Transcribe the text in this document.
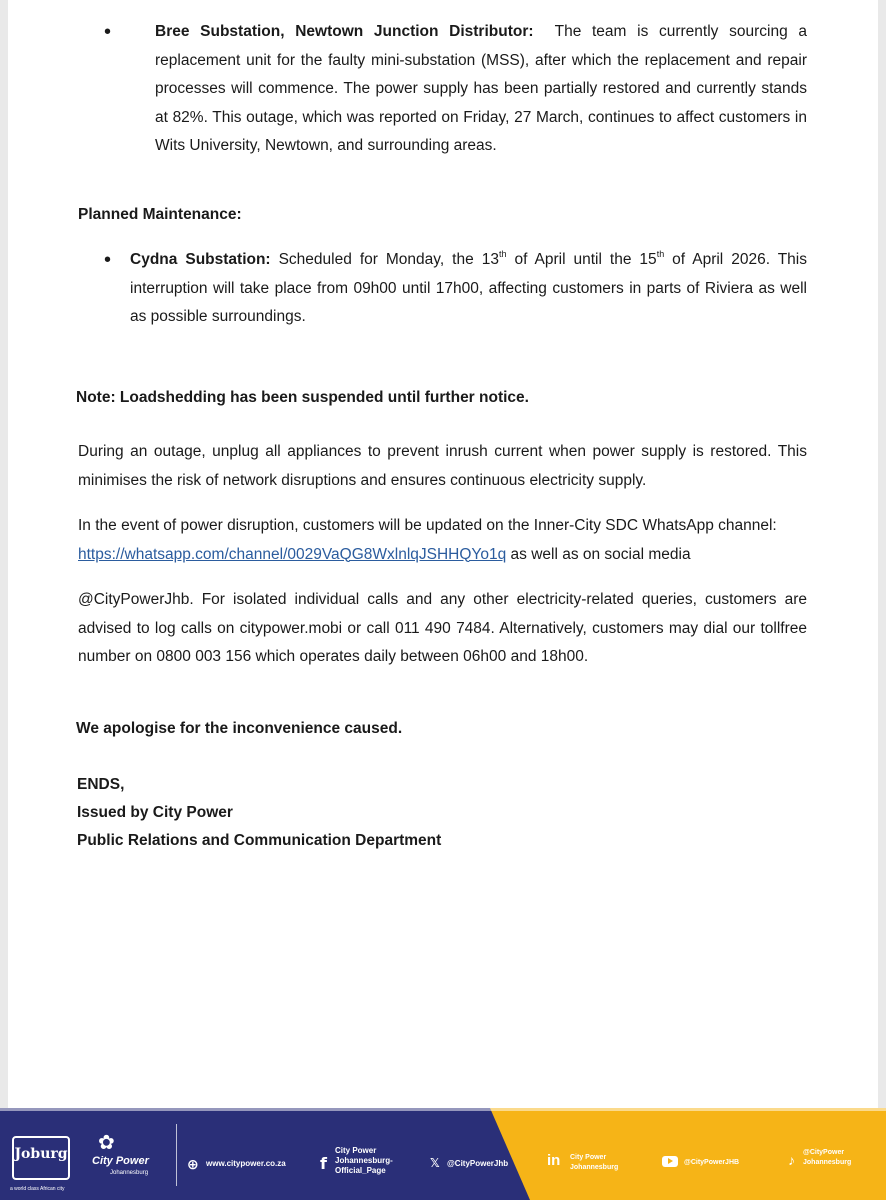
•	Bree Substation, Newtown Junction Distributor: The team is currently sourcing a replacement unit for the faulty mini-substation (MSS), after which the replacement and repair processes will commence. The power supply has been partially restored and currently stands at 82%. This outage, which was reported on Friday, 27 March, continues to affect customers in Wits University, Newtown, and surrounding areas.

Planned Maintenance:
• Cydna Substation: Scheduled for Monday, the 13th of April until the 15th of April 2026. This interruption will take place from 09h00 until 17h00, affecting customers in parts of Riviera as well as possible surroundings.

Note: Loadshedding has been suspended until further notice.

During an outage, unplug all appliances to prevent inrush current when power supply is restored. This minimises the risk of network disruptions and ensures continuous electricity supply.

In the event of power disruption, customers will be updated on the Inner-City SDC WhatsApp channel:
https://whatsapp.com/channel/0029VaQG8WxlnlqJSHHQYo1q as well as on social media

@CityPowerJhb. For isolated individual calls and any other electricity-related queries, customers are advised to log calls on citypower.mobi or call 011 490 7484. Alternatively, customers may dial our tollfree number on 0800 003 156 which operates daily between 06h00 and 18h00.

We apologise for the inconvenience caused.
ENDS,
Issued by City Power
Public Relations and Communication Department
Joburg
a world class African city
✿
City Power
Johannesburg
⊕ www.citypower.co.za f
City Power Johannesburg- Official_Page
𝕏 @CityPowerJhb	in City Power Johannesburg
@CityPowerJHB	♪ @CityPower Johannesburg
